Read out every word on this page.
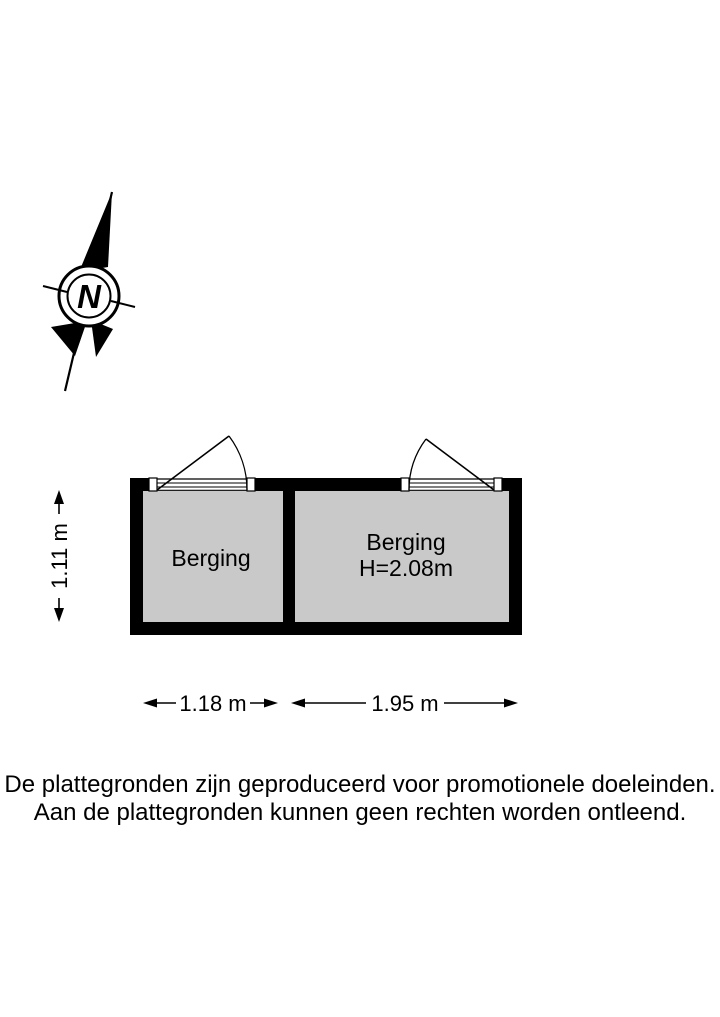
N
Berging
Berging
H=2.08m
1.11 m
1.18 m	1.95 m
De plattegronden zijn geproduceerd voor promotionele doeleinden.
Aan de plattegronden kunnen geen rechten worden ontleend.
